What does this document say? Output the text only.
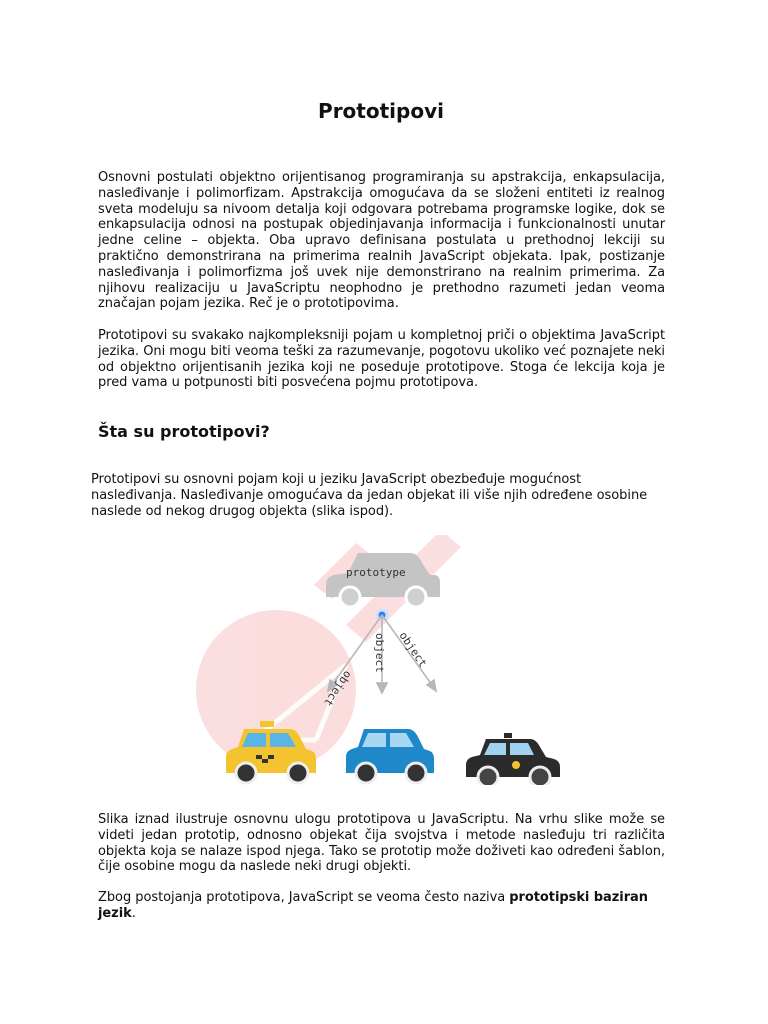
Prototipovi

Osnovni postulati objektno orijentisanog programiranja su apstrakcija, enkapsulacija, nasleđivanje i polimorfizam. Apstrakcija omogućava da se složeni entiteti iz realnog sveta modeluju sa nivoom detalja koji odgovara potrebama programske logike, dok se enkapsulacija odnosi na postupak objedinjavanja informacija i funkcionalnosti unutar jedne celine – objekta. Oba upravo definisana postulata u prethodnoj lekciji su praktično demonstrirana na primerima realnih JavaScript objekata. Ipak, postizanje nasleđivanja i polimorfizma još uvek nije demonstrirano na realnim primerima. Za njihovu realizaciju u JavaScriptu neophodno je prethodno razumeti jedan veoma značajan pojam jezika. Reč je o prototipovima.

Prototipovi su svakako najkompleksniji pojam u kompletnoj priči o objektima JavaScript jezika. Oni mogu biti veoma teški za razumevanje, pogotovu ukoliko već poznajete neki od objektno orijentisanih jezika koji ne poseduje prototipove. Stoga će lekcija koja je pred vama u potpunosti biti posvećena pojmu prototipova.

Šta su prototipovi?

Prototipovi su osnovni pojam koji u jeziku JavaScript obezbeđuje mogućnost nasleđivanja. Nasleđivanje omogućava da jedan objekat ili više njih određene osobine naslede od nekog drugog objekta (slika ispod).

prototype
object
object object

Slika iznad ilustruje osnovnu ulogu prototipova u JavaScriptu. Na vrhu slike može se videti jedan prototip, odnosno objekat čija svojstva i metode nasleđuju tri različita objekta koja se nalaze ispod njega. Tako se prototip može doživeti kao određeni šablon, čije osobine mogu da naslede neki drugi objekti.

Zbog postojanja prototipova, JavaScript se veoma često naziva prototipski baziran jezik.
